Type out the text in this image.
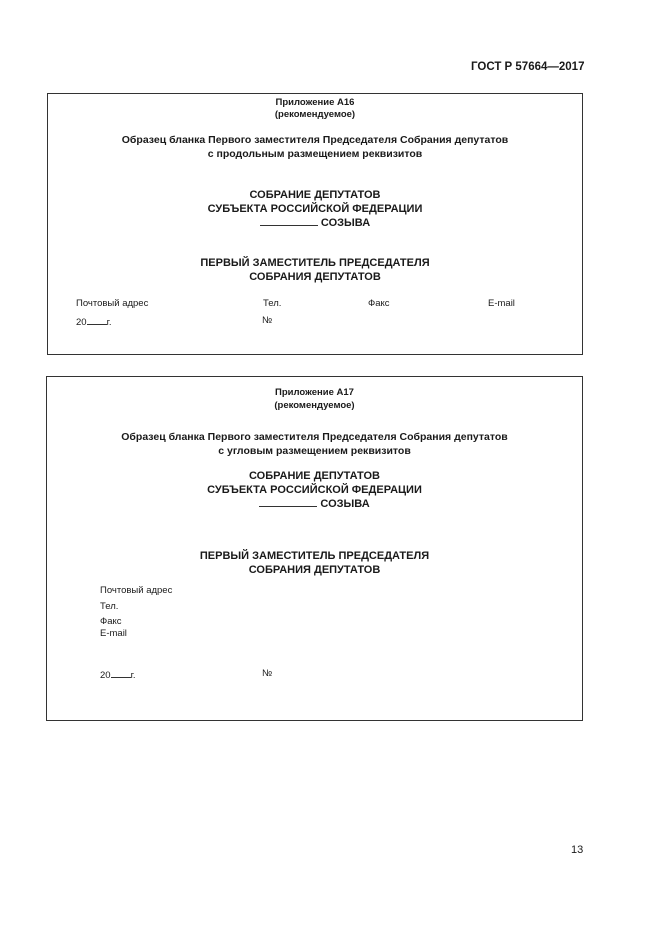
ГОСТ Р 57664—2017
Приложение А16
(рекомендуемое)
Образец бланка Первого заместителя Председателя Собрания депутатов
с продольным размещением реквизитов
СОБРАНИЕ ДЕПУТАТОВ
СУБЪЕКТА РОССИЙСКОЙ ФЕДЕРАЦИИ
СОЗЫВА
ПЕРВЫЙ ЗАМЕСТИТЕЛЬ ПРЕДСЕДАТЕЛЯ
СОБРАНИЯ ДЕПУТАТОВ
Почтовый адрес	Тел.	Факс	E-mail
20 г.	№
Приложение А17
(рекомендуемое)
Образец бланка Первого заместителя Председателя Собрания депутатов
с угловым размещением реквизитов
СОБРАНИЕ ДЕПУТАТОВ
СУБЪЕКТА РОССИЙСКОЙ ФЕДЕРАЦИИ
СОЗЫВА
ПЕРВЫЙ ЗАМЕСТИТЕЛЬ ПРЕДСЕДАТЕЛЯ
СОБРАНИЯ ДЕПУТАТОВ
Почтовый адрес
Тел.
Факс
E-mail
20 г.	№
13
